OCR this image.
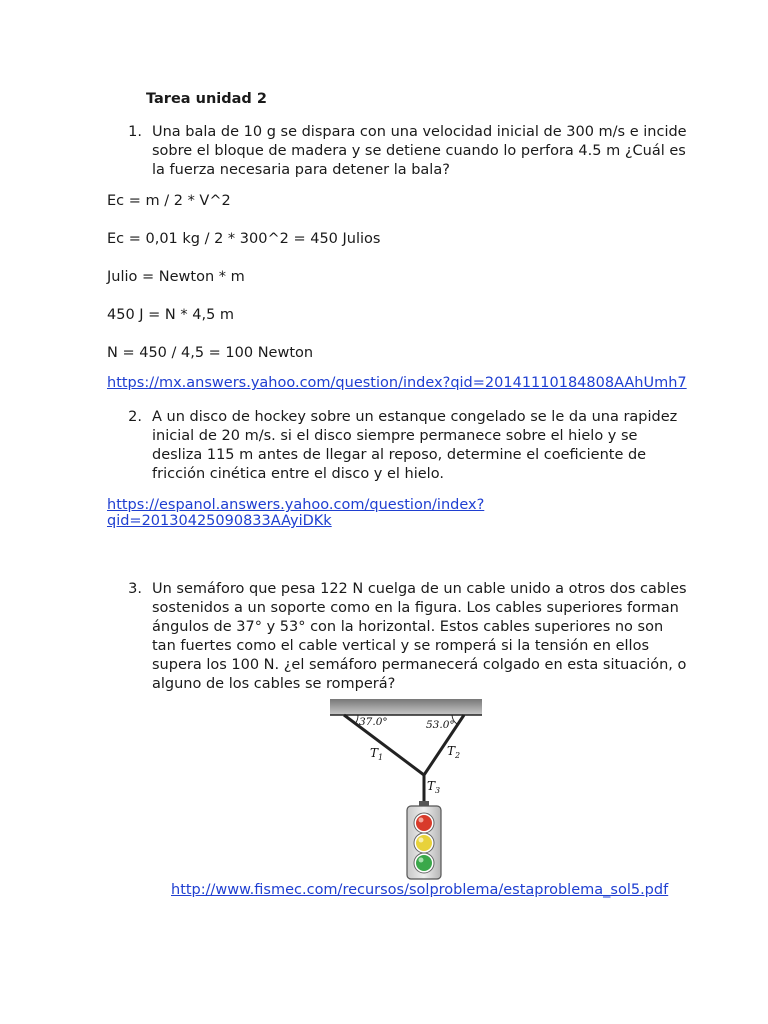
Tarea unidad 2
1. Una bala de 10 g se dispara con una velocidad inicial de 300 m/s e incide
sobre el bloque de madera y se detiene cuando lo perfora 4.5 m ¿Cuál es
la fuerza necesaria para detener la bala?
Ec = m / 2 * V^2
Ec = 0,01 kg / 2 * 300^2 = 450 Julios
Julio = Newton * m
450 J = N * 4,5 m
N = 450 / 4,5 = 100 Newton
https://mx.answers.yahoo.com/question/index?qid=20141110184808AAhUmh7
2. A un disco de hockey sobre un estanque congelado se le da una rapidez
inicial de 20 m/s. si el disco siempre permanece sobre el hielo y se
desliza 115 m antes de llegar al reposo, determine el coeficiente de
fricción cinética entre el disco y el hielo.
https://espanol.answers.yahoo.com/question/index?
qid=20130425090833AAyiDKk
3. Un semáforo que pesa 122 N cuelga de un cable unido a otros dos cables
sostenidos a un soporte como en la figura. Los cables superiores forman
ángulos de 37° y 53° con la horizontal. Estos cables superiores no son
tan fuertes como el cable vertical y se romperá si la tensión en ellos
supera los 100 N. ¿el semáforo permanecerá colgado en esta situación, o
alguno de los cables se romperá?
37.0°	53.0°
$T_1$	$T_2$
$T_3$
http://www.fismec.com/recursos/solproblema/estaproblema_sol5.pdf
